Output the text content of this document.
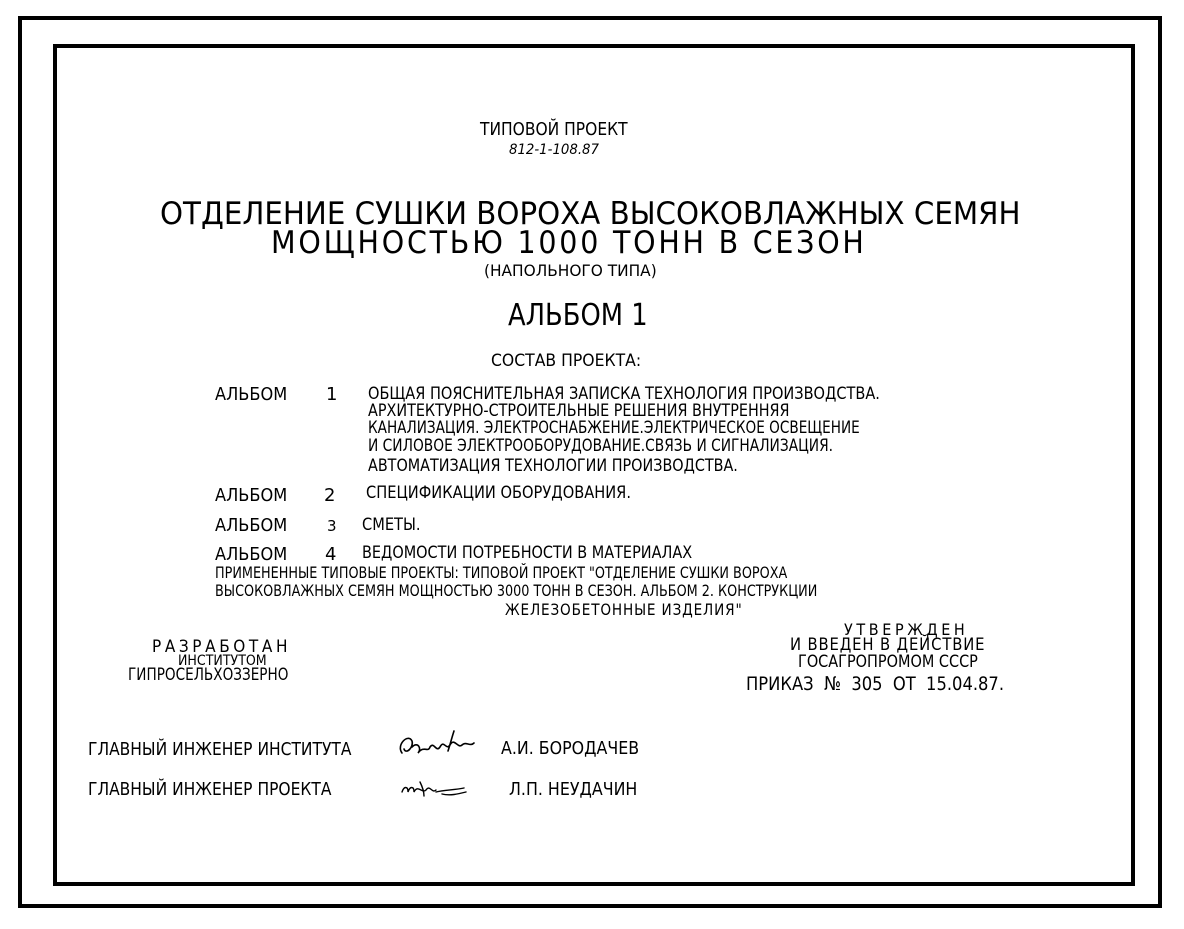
ТИПОВОЙ ПРОЕКТ
812-1-108.87
ОТДЕЛЕНИЕ СУШКИ ВОРОХА ВЫСОКОВЛАЖНЫХ СЕМЯН
МОЩНОСТЬЮ 1000 ТОНН В СЕЗОН
(НАПОЛЬНОГО ТИПА)
АЛЬБОМ 1
СОСТАВ ПРОЕКТА:
АЛЬБОМ 1 ОБЩАЯ ПОЯСНИТЕЛЬНАЯ ЗАПИСКА ТЕХНОЛОГИЯ ПРОИЗВОДСТВА.
АРХИТЕКТУРНО-СТРОИТЕЛЬНЫЕ РЕШЕНИЯ ВНУТРЕННЯЯ
КАНАЛИЗАЦИЯ. ЭЛЕКТРОСНАБЖЕНИЕ.ЭЛЕКТРИЧЕСКОЕ ОСВЕЩЕНИЕ
И СИЛОВОЕ ЭЛЕКТРООБОРУДОВАНИЕ.СВЯЗЬ И СИГНАЛИЗАЦИЯ.
АВТОМАТИЗАЦИЯ ТЕХНОЛОГИИ ПРОИЗВОДСТВА.
АЛЬБОМ 2 СПЕЦИФИКАЦИИ ОБОРУДОВАНИЯ.
АЛЬБОМ	3 СМЕТЫ.
АЛЬБОМ 4 ВЕДОМОСТИ ПОТРЕБНОСТИ В МАТЕРИАЛАХ
ПРИМЕНЕННЫЕ ТИПОВЫЕ ПРОЕКТЫ: ТИПОВОЙ ПРОЕКТ "ОТДЕЛЕНИЕ СУШКИ ВОРОХА
ВЫСОКОВЛАЖНЫХ СЕМЯН МОЩНОСТЬЮ 3000 ТОНН В СЕЗОН. АЛЬБОМ 2. КОНСТРУКЦИИ
ЖЕЛЕЗОБЕТОННЫЕ ИЗДЕЛИЯ"
РАЗРАБОТАН
ИНСТИТУТОМ
ГИПРОСЕЛЬХОЗЗЕРНО
УТВЕРЖДЕН
И ВВЕДЕН В ДЕЙСТВИЕ
ГОСАГРОПРОМОМ СССР
ПРИКАЗ № 305 ОТ 15.04.87.
ГЛАВНЫЙ ИНЖЕНЕР ИНСТИТУТА	А.И. БОРОДАЧЕВ
ГЛАВНЫЙ ИНЖЕНЕР ПРОЕКТА	Л.П. НЕУДАЧИН
